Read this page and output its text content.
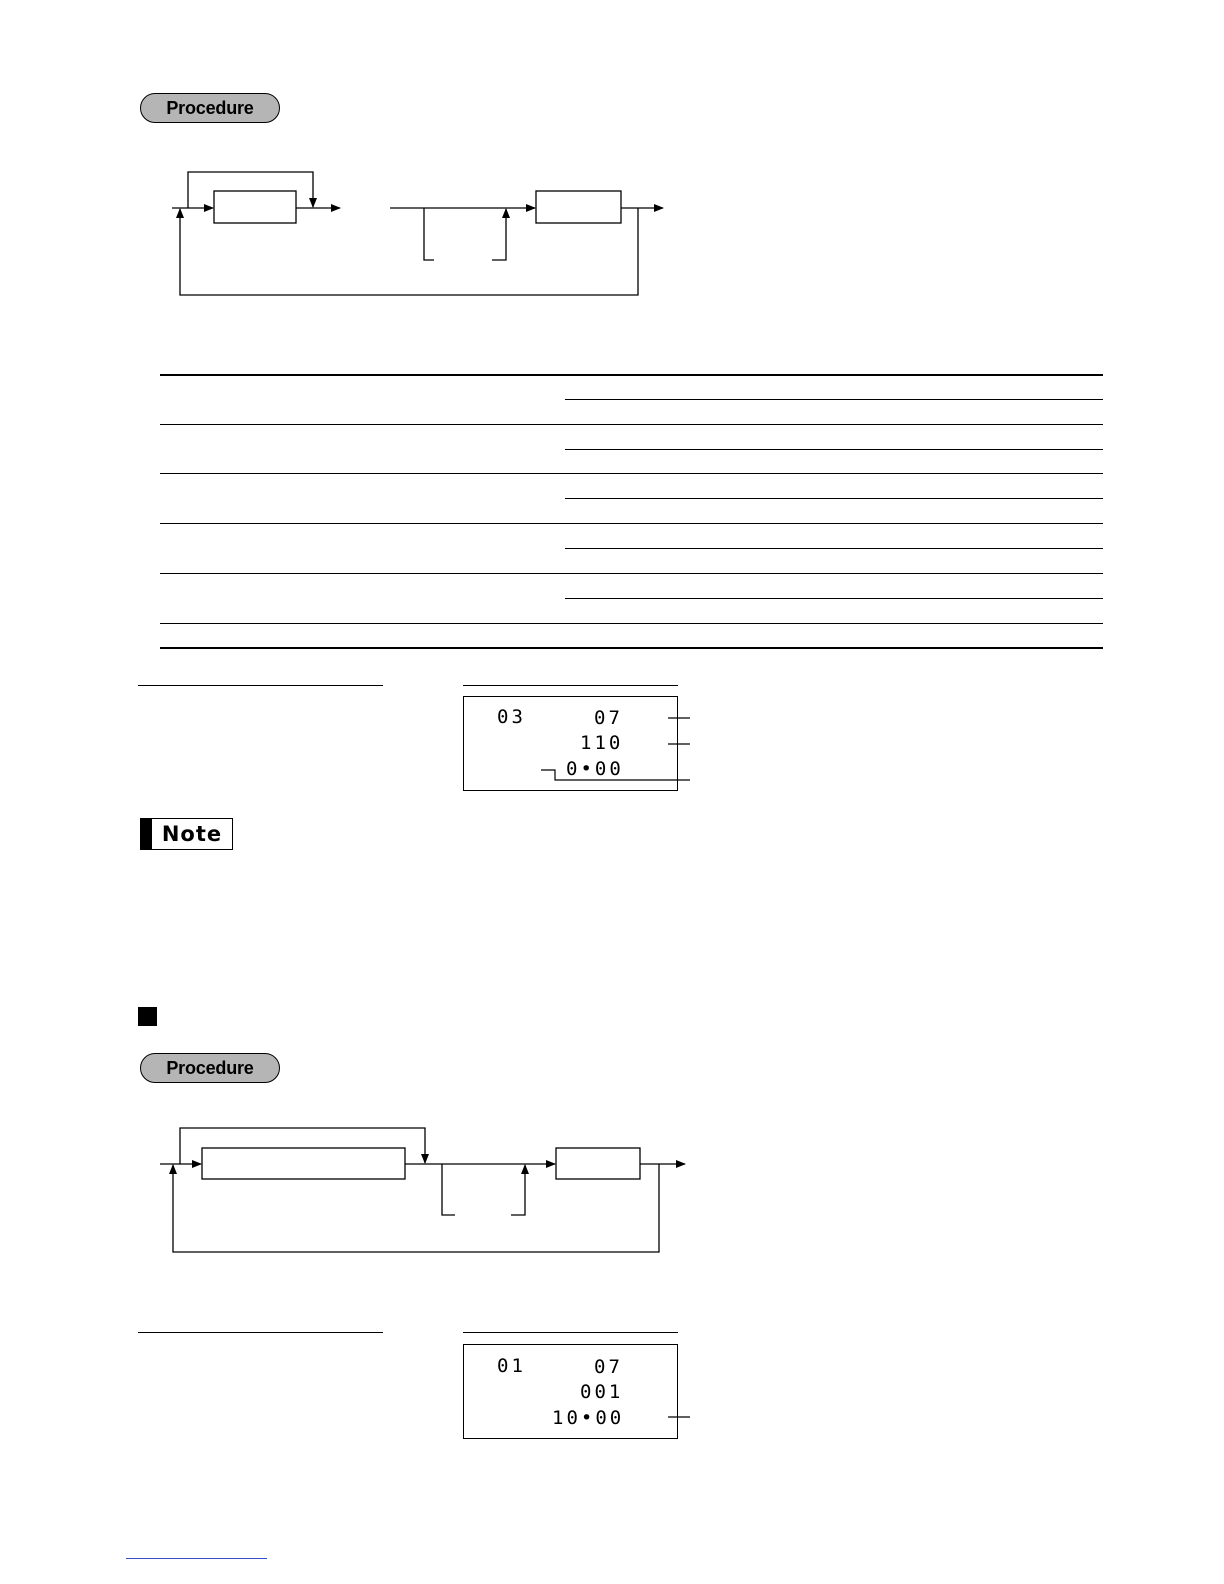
Procedure
03	07
110
0•00
Note
Procedure
01	07
001
10•00
